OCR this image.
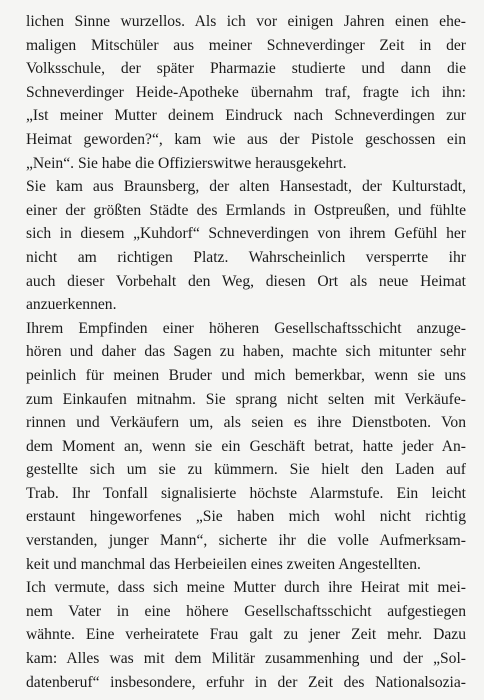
lichen Sinne wurzellos. Als ich vor einigen Jahren einen ehe-
maligen Mitschüler aus meiner Schneverdinger Zeit in der
Volksschule, der später Pharmazie studierte und dann die
Schneverdinger Heide-Apotheke übernahm traf, fragte ich ihn:
„Ist meiner Mutter deinem Eindruck nach Schneverdingen zur
Heimat geworden?“, kam wie aus der Pistole geschossen ein
„Nein“. Sie habe die Offizierswitwe herausgekehrt.
Sie kam aus Braunsberg, der alten Hansestadt, der Kulturstadt,
einer der größten Städte des Ermlands in Ostpreußen, und fühlte
sich in diesem „Kuhdorf“ Schneverdingen von ihrem Gefühl her
nicht am richtigen Platz. Wahrscheinlich versperrte ihr
auch dieser Vorbehalt den Weg, diesen Ort als neue Heimat
anzuerkennen.
Ihrem Empfinden einer höheren Gesellschaftsschicht anzuge-
hören und daher das Sagen zu haben, machte sich mitunter sehr
peinlich für meinen Bruder und mich bemerkbar, wenn sie uns
zum Einkaufen mitnahm. Sie sprang nicht selten mit Verkäufe-
rinnen und Verkäufern um, als seien es ihre Dienstboten. Von
dem Moment an, wenn sie ein Geschäft betrat, hatte jeder An-
gestellte sich um sie zu kümmern. Sie hielt den Laden auf
Trab. Ihr Tonfall signalisierte höchste Alarmstufe. Ein leicht
erstaunt hingeworfenes „Sie haben mich wohl nicht richtig
verstanden, junger Mann“, sicherte ihr die volle Aufmerksam-
keit und manchmal das Herbeieilen eines zweiten Angestellten.
Ich vermute, dass sich meine Mutter durch ihre Heirat mit mei-
nem Vater in eine höhere Gesellschaftsschicht aufgestiegen
wähnte. Eine verheiratete Frau galt zu jener Zeit mehr. Dazu
kam: Alles was mit dem Militär zusammenhing und der „Sol-
datenberuf“ insbesondere, erfuhr in der Zeit des Nationalsozia-
